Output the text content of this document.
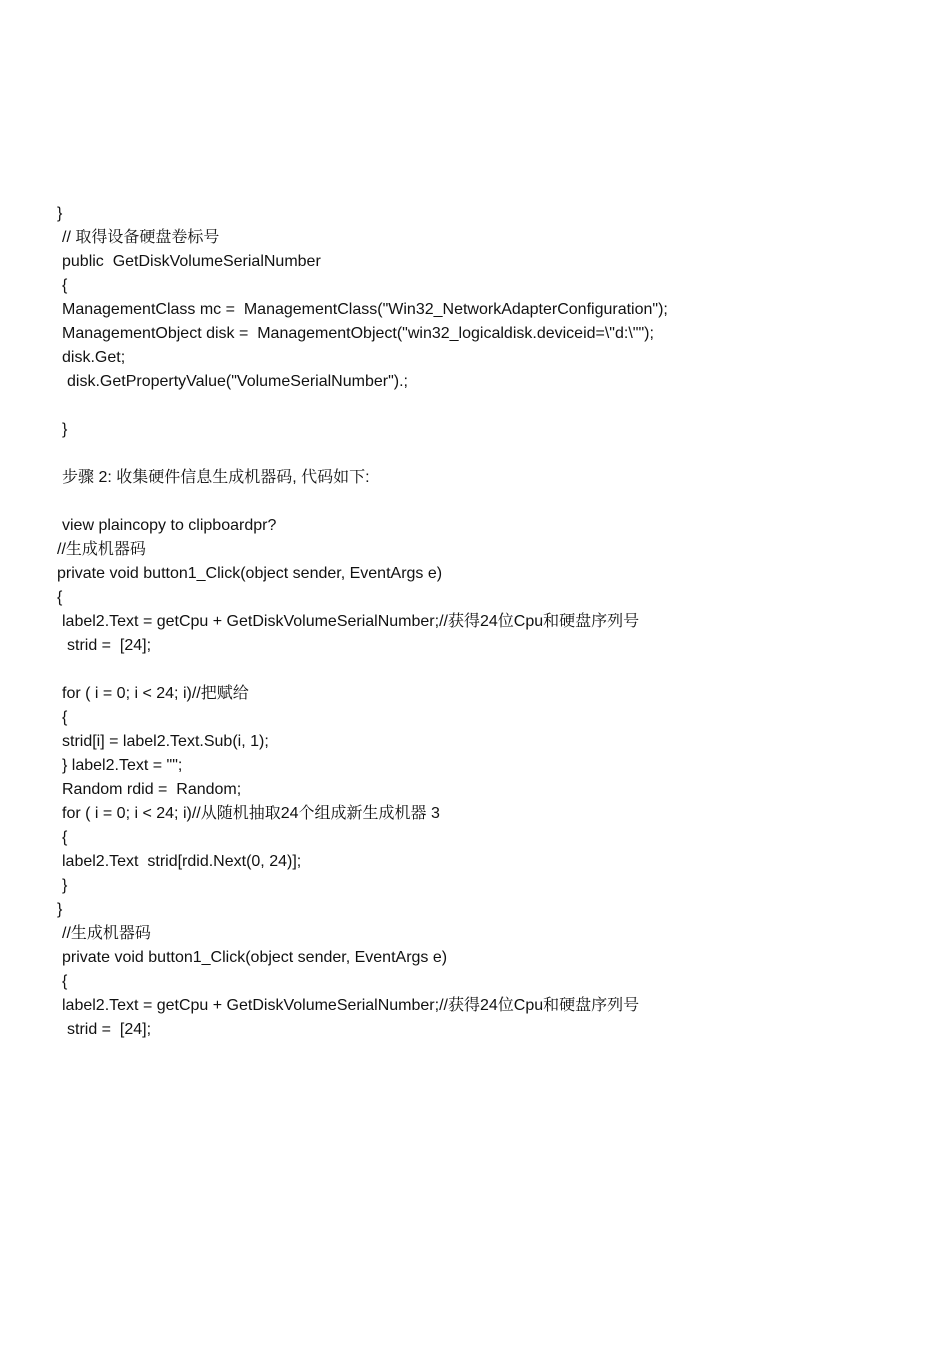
}
// 取得设备硬盘卷标号
public  GetDiskVolumeSerialNumber
{
ManagementClass mc =  ManagementClass("Win32_NetworkAdapterConfiguration");
ManagementObject disk =  ManagementObject("win32_logicaldisk.deviceid=\"d:\"");
disk.Get;
disk.GetPropertyValue("VolumeSerialNumber").;
}
步骤 2: 收集硬件信息生成机器码, 代码如下:
view plaincopy to clipboardpr?
//生成机器码
private void button1_Click(object sender, EventArgs e)
{
label2.Text = getCpu + GetDiskVolumeSerialNumber;//获得24位Cpu和硬盘序列号
strid =  [24];
for ( i = 0; i < 24; i)//把赋给
{
strid[i] = label2.Text.Sub(i, 1);
} label2.Text = "";
Random rdid =  Random;
for ( i = 0; i < 24; i)//从随机抽取24个组成新生成机器 3
{
label2.Text  strid[rdid.Next(0, 24)];
}
}
//生成机器码
private void button1_Click(object sender, EventArgs e)
{
label2.Text = getCpu + GetDiskVolumeSerialNumber;//获得24位Cpu和硬盘序列号
strid =  [24];
